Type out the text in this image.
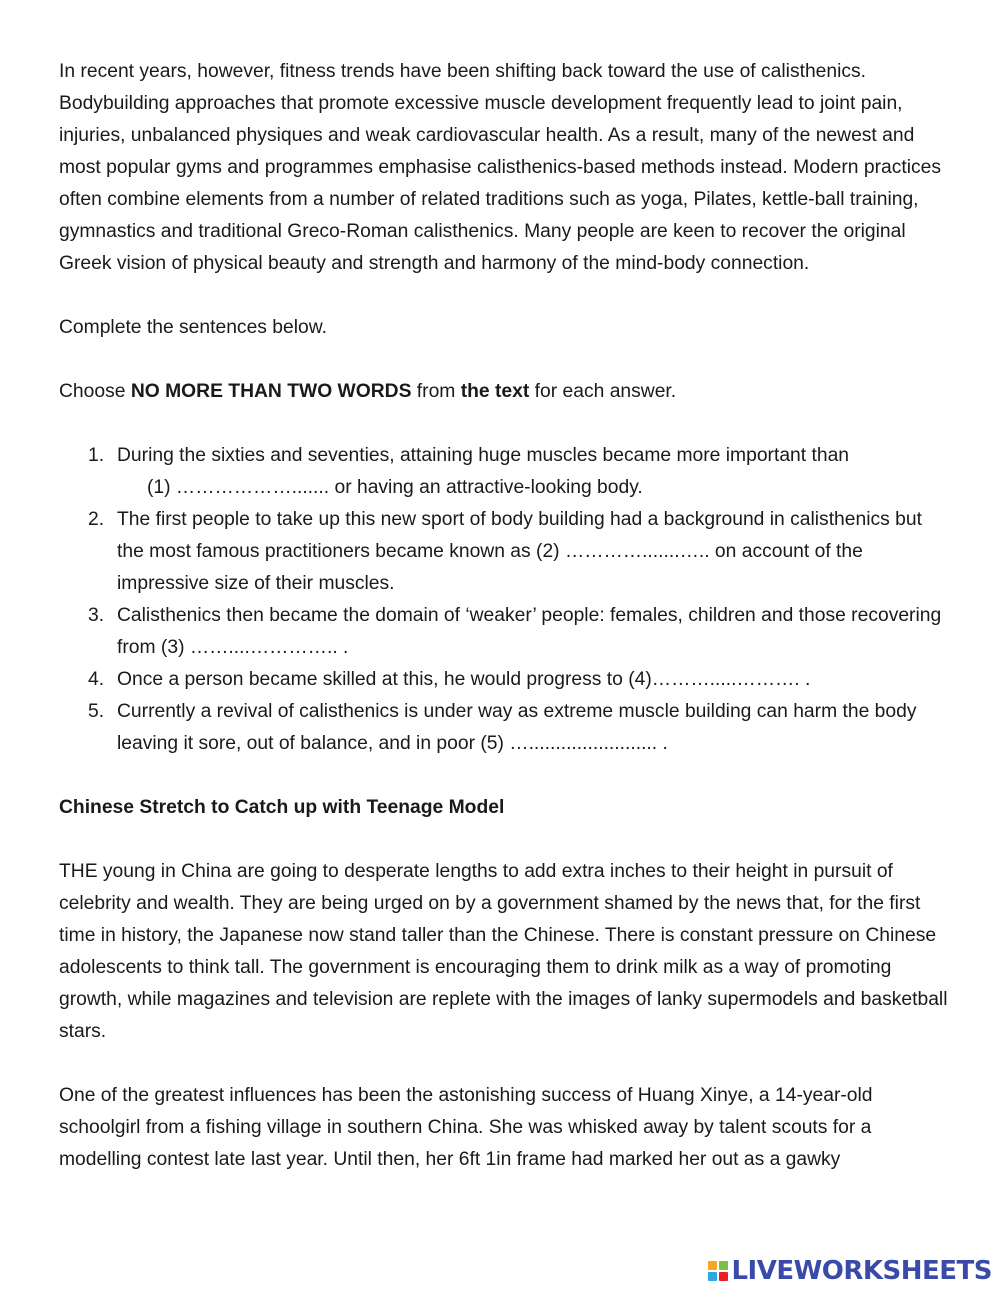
In recent years, however, fitness trends have been shifting back toward the use of calisthenics. Bodybuilding approaches that promote excessive muscle development frequently lead to joint pain, injuries, unbalanced physiques and weak cardiovascular health. As a result, many of the newest and most popular gyms and programmes emphasise calisthenics-based methods instead. Modern practices often combine elements from a number of related traditions such as yoga, Pilates, kettle-ball training, gymnastics and traditional Greco-Roman calisthenics. Many people are keen to recover the original Greek vision of physical beauty and strength and harmony of the mind-body connection.

Complete the sentences below.

Choose NO MORE THAN TWO WORDS from the text for each answer.

1. During the sixties and seventies, attaining huge muscles became more important than
(1) ………………....... or having an attractive-looking body.
2. The first people to take up this new sport of body building had a background in calisthenics but the most famous practitioners became known as (2) ………….......….. on account of the impressive size of their muscles.
3. Calisthenics then became the domain of ‘weaker’ people: females, children and those recovering from (3) ……....………….. .
4. Once a person became skilled at this, he would progress to (4)……….....………. .
5. Currently a revival of calisthenics is under way as extreme muscle building can harm the body leaving it sore, out of balance, and in poor (5) …........................ .

Chinese Stretch to Catch up with Teenage Model

THE young in China are going to desperate lengths to add extra inches to their height in pursuit of celebrity and wealth. They are being urged on by a government shamed by the news that, for the first time in history, the Japanese now stand taller than the Chinese. There is constant pressure on Chinese adolescents to think tall. The government is encouraging them to drink milk as a way of promoting growth, while magazines and television are replete with the images of lanky supermodels and basketball stars.

One of the greatest influences has been the astonishing success of Huang Xinye, a 14-year-old schoolgirl from a fishing village in southern China. She was whisked away by talent scouts for a modelling contest late last year. Until then, her 6ft 1in frame had marked her out as a gawky

LIVEWORKSHEETS
